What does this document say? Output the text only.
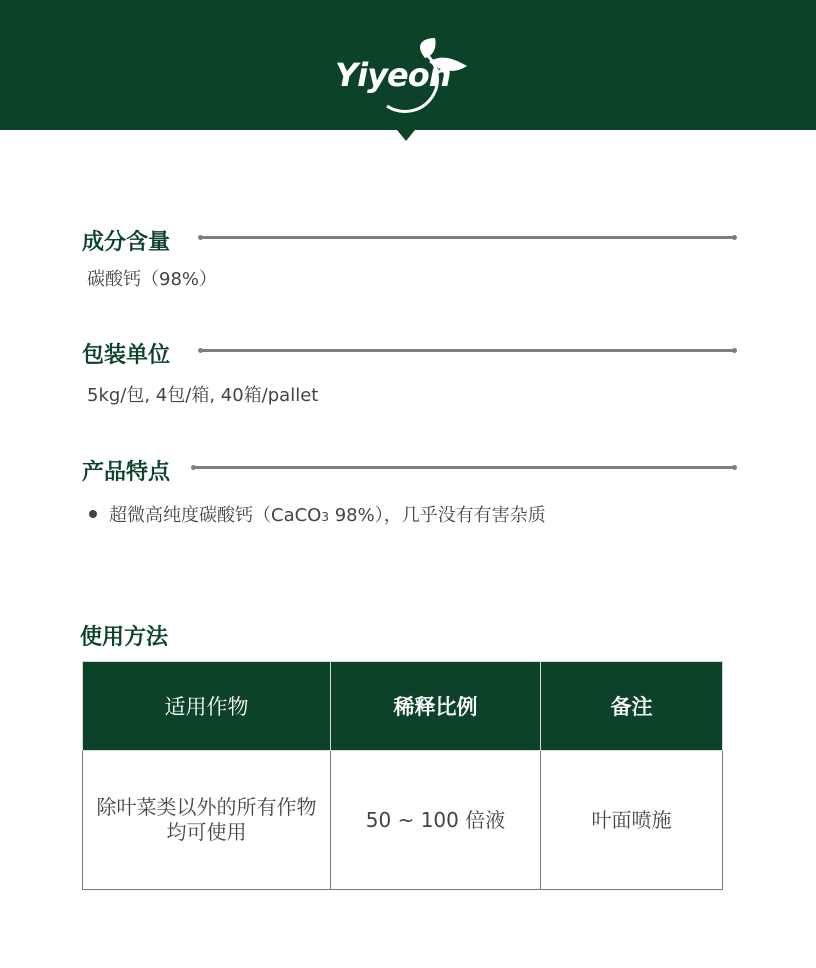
Yiyeon
成分含量
碳酸钙（98%）
包装单位
5kg/包, 4包/箱, 40箱/pallet
产品特点
超微高纯度碳酸钙（CaCO3 98%），几乎没有有害杂质
使用方法
适用作物	稀释比例	备注
除叶菜类以外的所有作物
均可使用	50 ~ 100 倍液	叶面喷施
